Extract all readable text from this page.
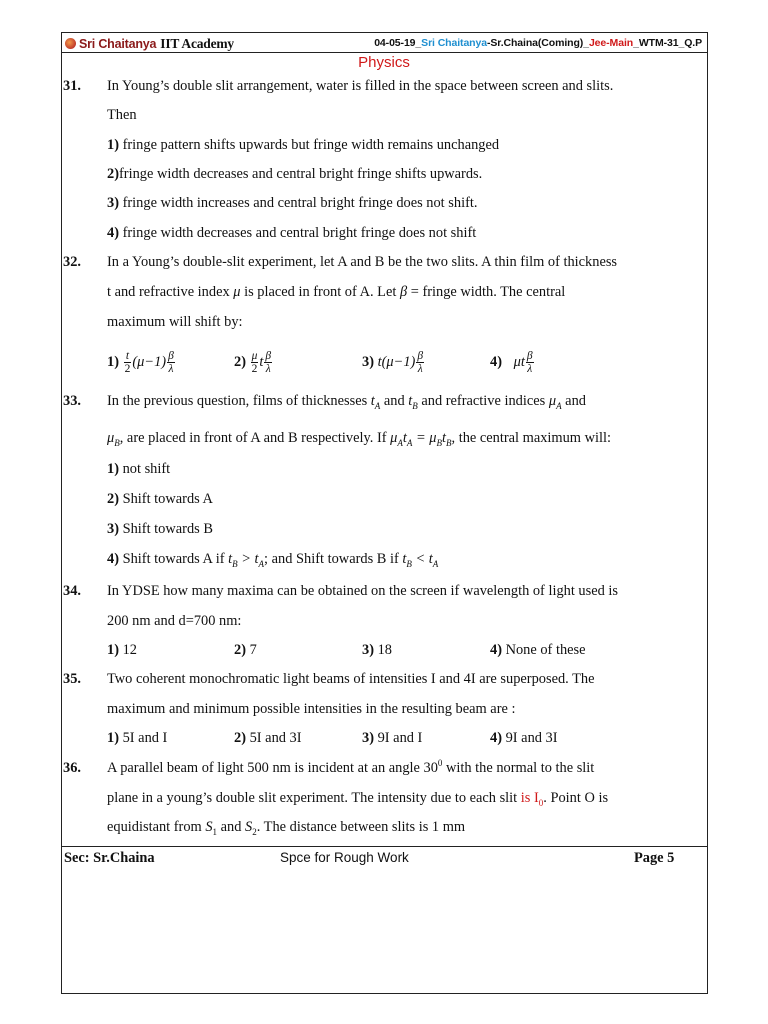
Sri Chaitanya IIT Academy	04-05-19_Sri Chaitanya-Sr.Chaina(Coming)_Jee-Main_WTM-31_Q.P
Physics
31. In Young’s double slit arrangement, water is filled in the space between screen and slits.
Then
1) fringe pattern shifts upwards but fringe width remains unchanged
2)fringe width decreases and central bright fringe shifts upwards.
3) fringe width increases and central bright fringe does not shift.
4) fringe width decreases and central bright fringe does not shift
32. In a Young’s double-slit experiment, let A and B be the two slits. A thin film of thickness
t and refractive index μ is placed in front of A. Let β = fringe width. The central
maximum will shift by:
$1) \frac{t}{2} (\mu-1) \frac{\beta}{\lambda}$	$2) \frac{\mu}{2}$ t $\frac{\beta}{\lambda}$	3) $t(\mu-1) \frac{\beta}{\lambda}$	4) μt $\frac{\beta}{\lambda}$
33. In the previous question, films of thicknesses $t_A$ and $t_B$ and refractive indices $\mu_A$ and
$\mu_B$, are placed in front of A and B respectively. If $\mu_At_A = \mu_Bt_B$, the central maximum will:
1) not shift
2) Shift towards A
3) Shift towards B
4) Shift towards A if $t_B > t_A$; and Shift towards B if $t_B < t_A$
34. In YDSE how many maxima can be obtained on the screen if wavelength of light used is
200 nm and d=700 nm:
1) 12	2) 7	3) 18	4) None of these
35. Two coherent monochromatic light beams of intensities I and 4I are superposed. The
maximum and minimum possible intensities in the resulting beam are :
1) 5I and I	2) 5I and 3I	3) 9I and I	4) 9I and 3I
36. A parallel beam of light 500 nm is incident at an angle $30^0$ with the normal to the slit
plane in a young’s double slit experiment. The intensity due to each slit is $I_0$. Point O is
equidistant from $S_1$ and $S_2$. The distance between slits is 1 mm
Sec: Sr.Chaina	Spce for Rough Work	Page 5
